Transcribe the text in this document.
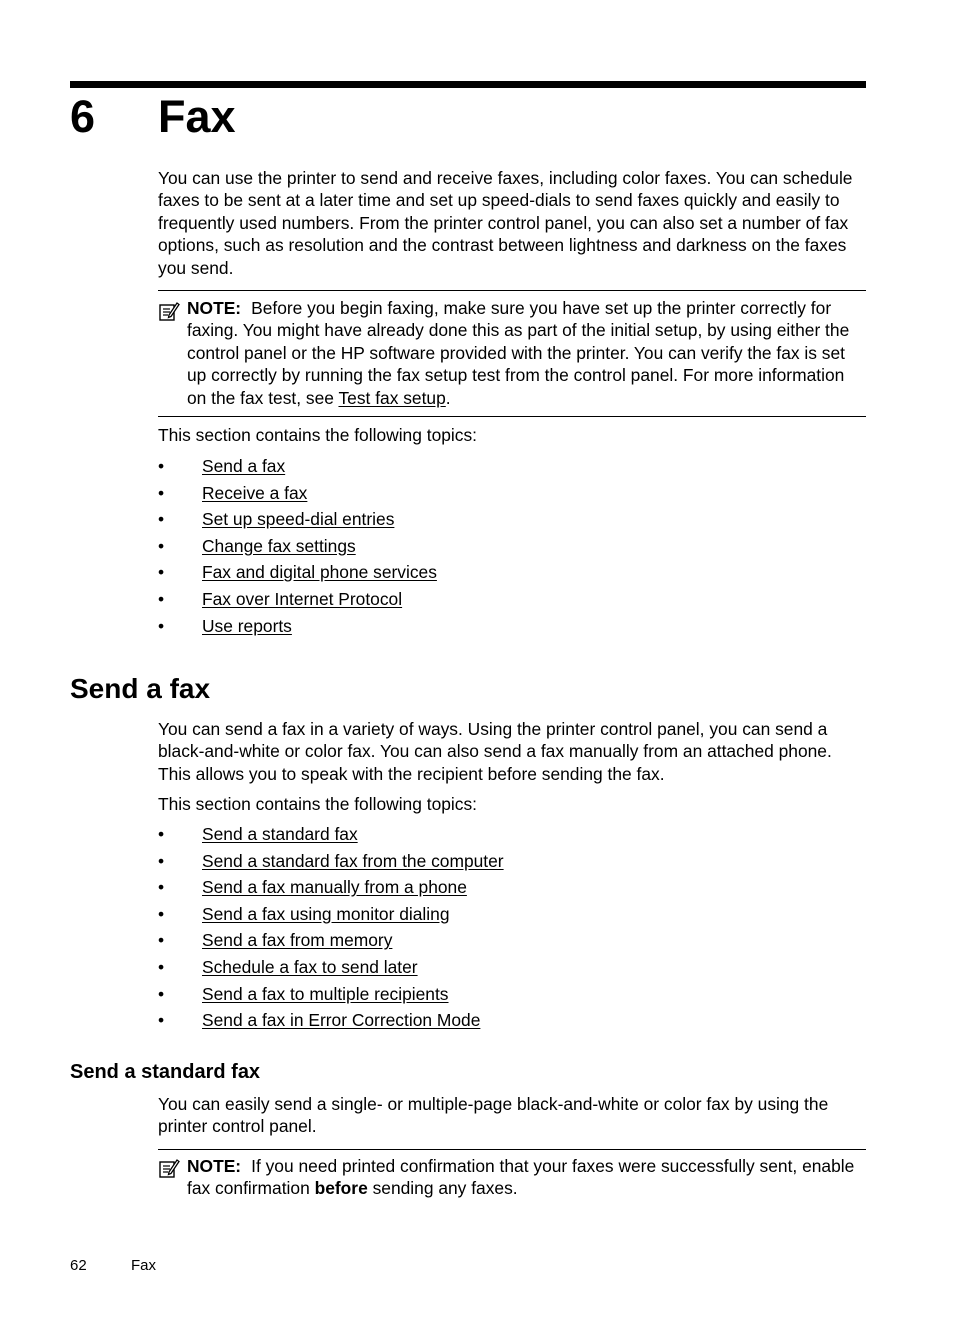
6 Fax

You can use the printer to send and receive faxes, including color faxes. You can schedule faxes to be sent at a later time and set up speed-dials to send faxes quickly and easily to frequently used numbers. From the printer control panel, you can also set a number of fax options, such as resolution and the contrast between lightness and darkness on the faxes you send.

NOTE: Before you begin faxing, make sure you have set up the printer correctly for faxing. You might have already done this as part of the initial setup, by using either the control panel or the HP software provided with the printer. You can verify the fax is set up correctly by running the fax setup test from the control panel. For more information on the fax test, see Test fax setup.

This section contains the following topics:

• Send a fax
• Receive a fax
• Set up speed-dial entries
• Change fax settings
• Fax and digital phone services
• Fax over Internet Protocol
• Use reports
Send a fax

You can send a fax in a variety of ways. Using the printer control panel, you can send a black-and-white or color fax. You can also send a fax manually from an attached phone. This allows you to speak with the recipient before sending the fax.

This section contains the following topics:

• Send a standard fax
• Send a standard fax from the computer
• Send a fax manually from a phone
• Send a fax using monitor dialing
• Send a fax from memory
• Schedule a fax to send later
• Send a fax to multiple recipients
• Send a fax in Error Correction Mode
Send a standard fax

You can easily send a single- or multiple-page black-and-white or color fax by using the printer control panel.

NOTE: If you need printed confirmation that your faxes were successfully sent, enable fax confirmation before sending any faxes.

62	Fax
